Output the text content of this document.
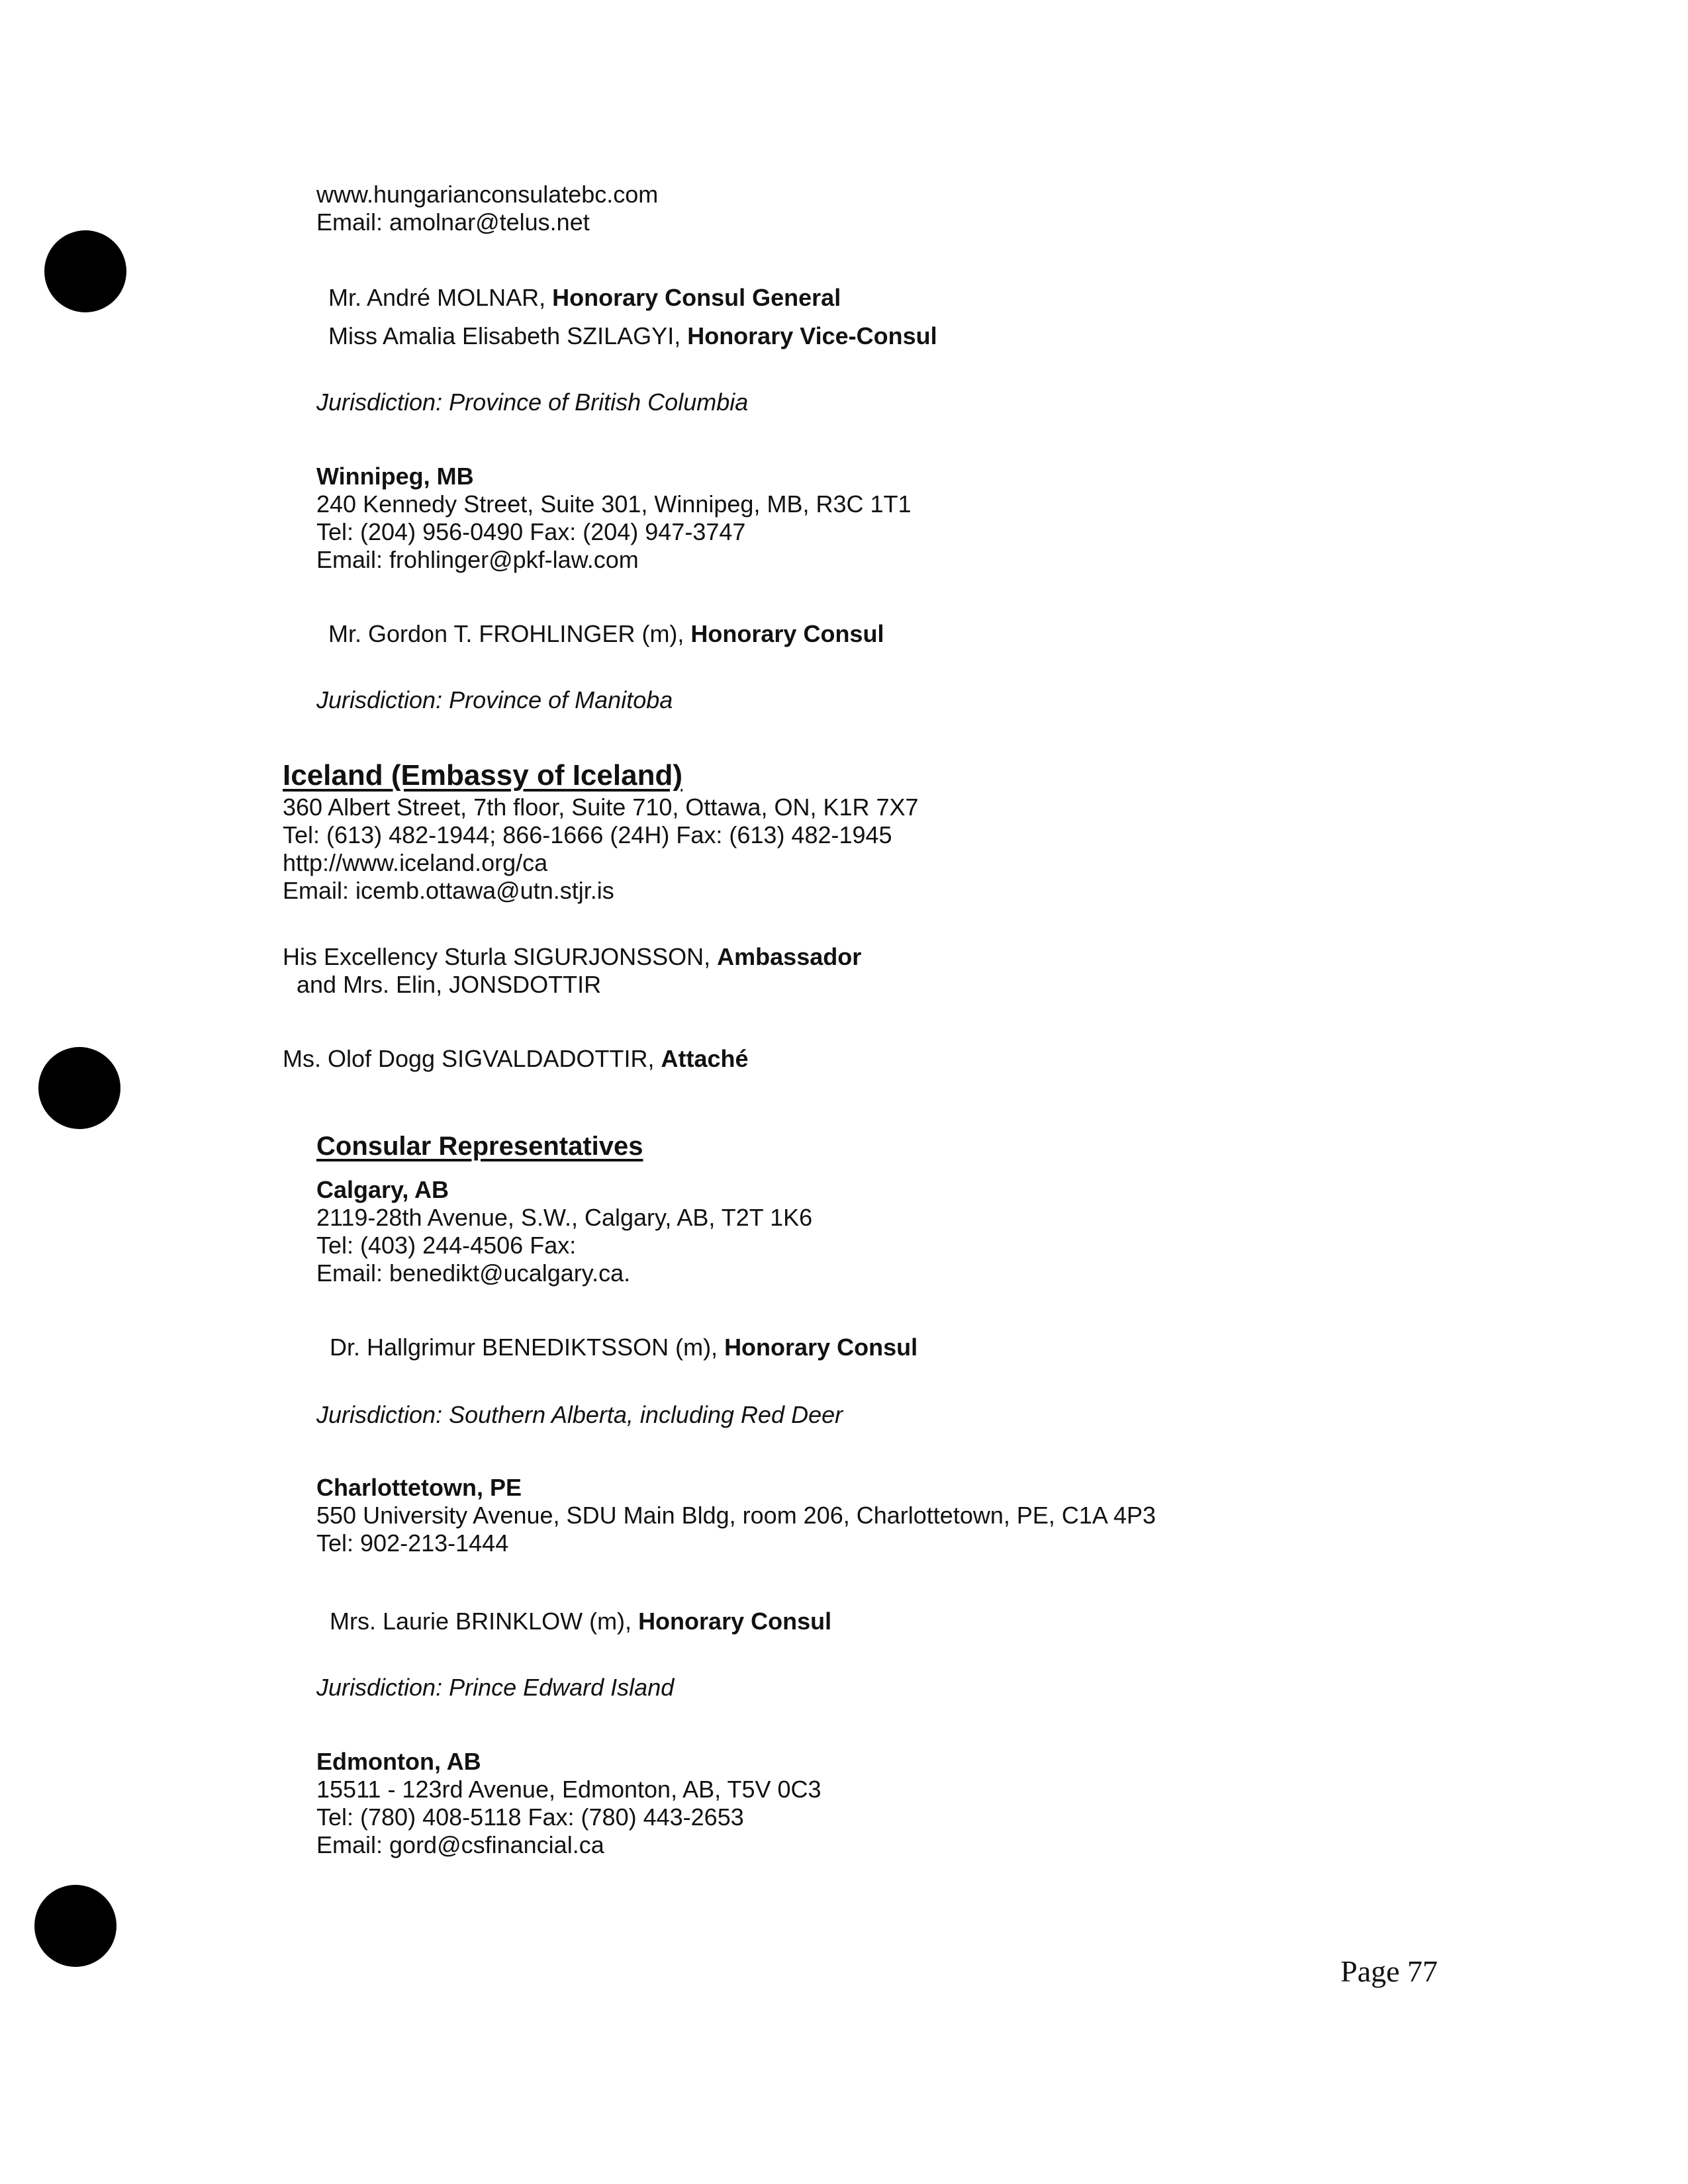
www.hungarianconsulatebc.com
Email: amolnar@telus.net
Mr. André MOLNAR, Honorary Consul General
Miss Amalia Elisabeth SZILAGYI, Honorary Vice-Consul
Jurisdiction: Province of British Columbia
Winnipeg, MB
240 Kennedy Street, Suite 301, Winnipeg, MB, R3C 1T1
Tel: (204) 956-0490 Fax: (204) 947-3747
Email: frohlinger@pkf-law.com
Mr. Gordon T. FROHLINGER (m), Honorary Consul
Jurisdiction: Province of Manitoba
Iceland (Embassy of Iceland)
360 Albert Street, 7th floor, Suite 710, Ottawa, ON, K1R 7X7
Tel: (613) 482-1944; 866-1666 (24H) Fax: (613) 482-1945
http://www.iceland.org/ca
Email: icemb.ottawa@utn.stjr.is
His Excellency Sturla SIGURJONSSON, Ambassador
and Mrs. Elin, JONSDOTTIR
Ms. Olof Dogg SIGVALDADOTTIR, Attaché
Consular Representatives
Calgary, AB
2119-28th Avenue, S.W., Calgary, AB, T2T 1K6
Tel: (403) 244-4506 Fax:
Email: benedikt@ucalgary.ca.
Dr. Hallgrimur BENEDIKTSSON (m), Honorary Consul
Jurisdiction: Southern Alberta, including Red Deer
Charlottetown, PE
550 University Avenue, SDU Main Bldg, room 206, Charlottetown, PE, C1A 4P3
Tel: 902-213-1444
Mrs. Laurie BRINKLOW (m), Honorary Consul
Jurisdiction: Prince Edward Island
Edmonton, AB
15511 - 123rd Avenue, Edmonton, AB, T5V 0C3
Tel: (780) 408-5118 Fax: (780) 443-2653
Email: gord@csfinancial.ca
Page 77
